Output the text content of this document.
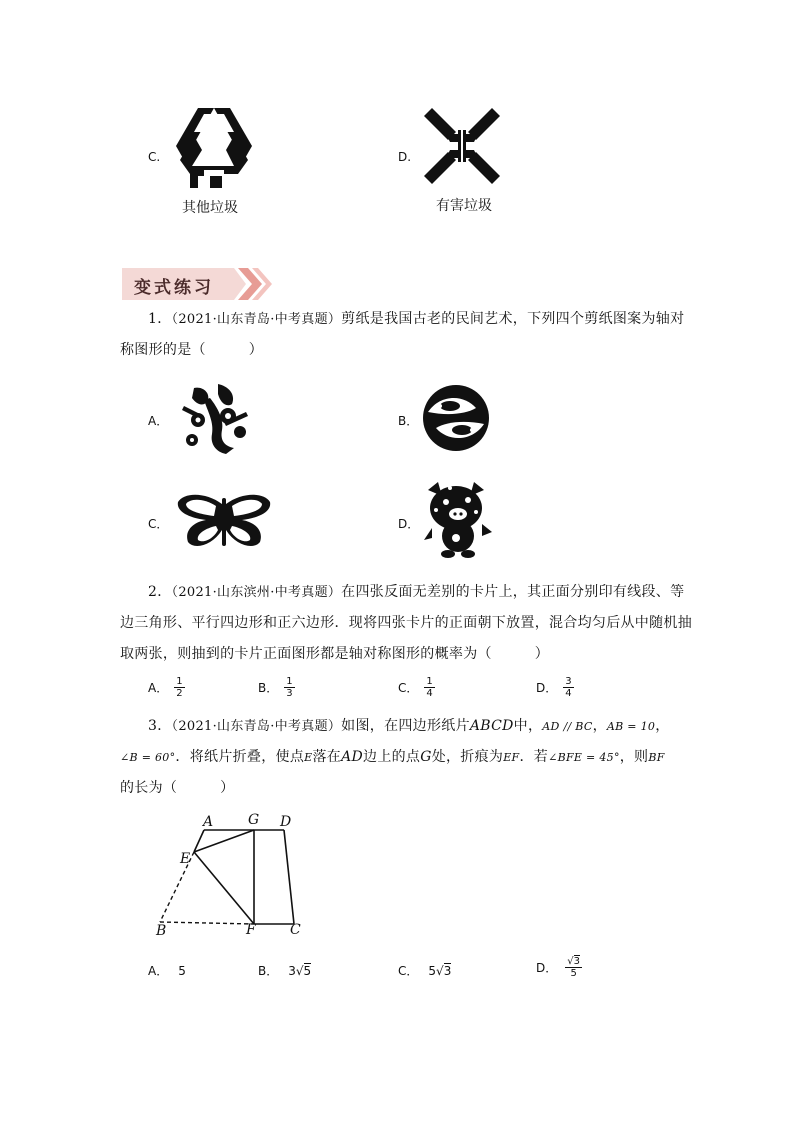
C.
其他垃圾
D.
有害垃圾
变式练习
1．（2021·山东青岛·中考真题）剪纸是我国古老的民间艺术，下列四个剪纸图案为轴对
称图形的是（　　　）
A．	B．
C．	D．
2．（2021·山东滨州·中考真题）在四张反面无差别的卡片上，其正面分别印有线段、等
边三角形、平行四边形和正六边形．现将四张卡片的正面朝下放置，混合均匀后从中随机抽
取两张，则抽到的卡片正面图形都是轴对称图形的概率为（　　　）
A． $\frac{1}{2}$	B． $\frac{1}{3}$	C． $\frac{1}{4}$	D． $\frac{3}{4}$
3．（2021·山东青岛·中考真题）如图，在四边形纸片ABCD中，AD // BC，AB = 10，
∠B = 60°．将纸片折叠，使点E落在AD边上的点G处，折痕为EF．若∠BFE = 45°，则BF
的长为（　　　）
A G D
E
B	F C
A． 5	B． 3√5	C． 5√3	D． $\frac{√3}{5}$
